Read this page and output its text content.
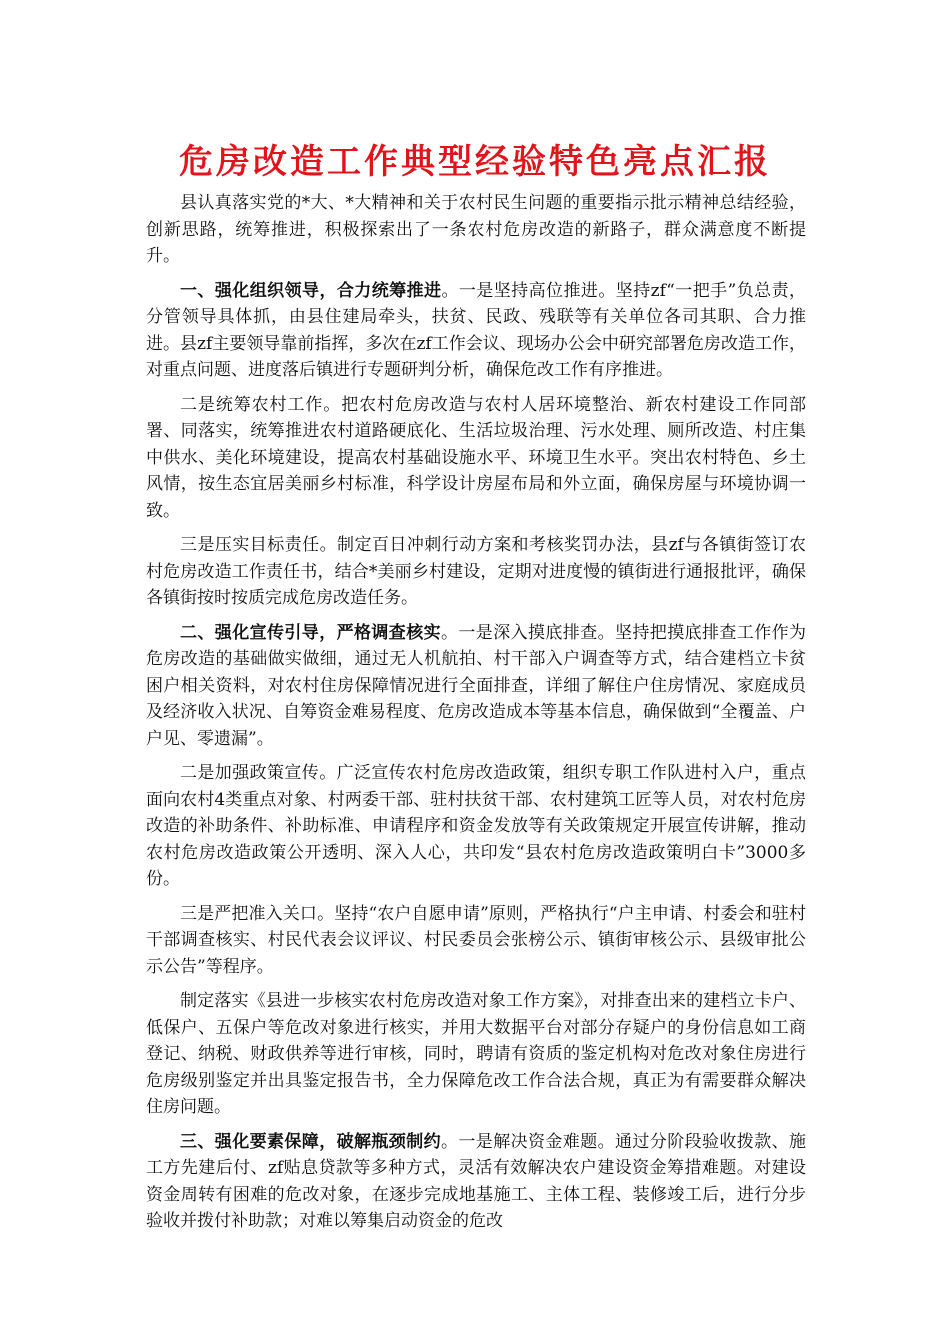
危房改造工作典型经验特色亮点汇报

县认真落实党的*大、*大精神和关于农村民生问题的重要指示批示精神总结经验，创新思路，统筹推进，积极探索出了一条农村危房改造的新路子，群众满意度不断提升。

一、强化组织领导，合力统筹推进。一是坚持高位推进。坚持zf“一把手”负总责，分管领导具体抓，由县住建局牵头，扶贫、民政、残联等有关单位各司其职、合力推进。县zf主要领导靠前指挥，多次在zf工作会议、现场办公会中研究部署危房改造工作，对重点问题、进度落后镇进行专题研判分析，确保危改工作有序推进。

二是统筹农村工作。把农村危房改造与农村人居环境整治、新农村建设工作同部署、同落实，统筹推进农村道路硬底化、生活垃圾治理、污水处理、厕所改造、村庄集中供水、美化环境建设，提高农村基础设施水平、环境卫生水平。突出农村特色、乡土风情，按生态宜居美丽乡村标准，科学设计房屋布局和外立面，确保房屋与环境协调一致。

三是压实目标责任。制定百日冲刺行动方案和考核奖罚办法，县zf与各镇街签订农村危房改造工作责任书，结合*美丽乡村建设，定期对进度慢的镇街进行通报批评，确保各镇街按时按质完成危房改造任务。

二、强化宣传引导，严格调查核实。一是深入摸底排查。坚持把摸底排查工作作为危房改造的基础做实做细，通过无人机航拍、村干部入户调查等方式，结合建档立卡贫困户相关资料，对农村住房保障情况进行全面排查，详细了解住户住房情况、家庭成员及经济收入状况、自筹资金难易程度、危房改造成本等基本信息，确保做到“全覆盖、户户见、零遗漏”。

二是加强政策宣传。广泛宣传农村危房改造政策，组织专职工作队进村入户，重点面向农村4类重点对象、村两委干部、驻村扶贫干部、农村建筑工匠等人员，对农村危房改造的补助条件、补助标准、申请程序和资金发放等有关政策规定开展宣传讲解，推动农村危房改造政策公开透明、深入人心，共印发“县农村危房改造政策明白卡”3000多份。

三是严把准入关口。坚持“农户自愿申请”原则，严格执行“户主申请、村委会和驻村干部调查核实、村民代表会议评议、村民委员会张榜公示、镇街审核公示、县级审批公示公告”等程序。

制定落实《县进一步核实农村危房改造对象工作方案》，对排查出来的建档立卡户、低保户、五保户等危改对象进行核实，并用大数据平台对部分存疑户的身份信息如工商登记、纳税、财政供养等进行审核，同时，聘请有资质的鉴定机构对危改对象住房进行危房级别鉴定并出具鉴定报告书，全力保障危改工作合法合规，真正为有需要群众解决住房问题。

三、强化要素保障，破解瓶颈制约。一是解决资金难题。通过分阶段验收拨款、施工方先建后付、zf贴息贷款等多种方式，灵活有效解决农户建设资金筹措难题。对建设资金周转有困难的危改对象，在逐步完成地基施工、主体工程、装修竣工后，进行分步验收并拨付补助款；对难以筹集启动资金的危改
